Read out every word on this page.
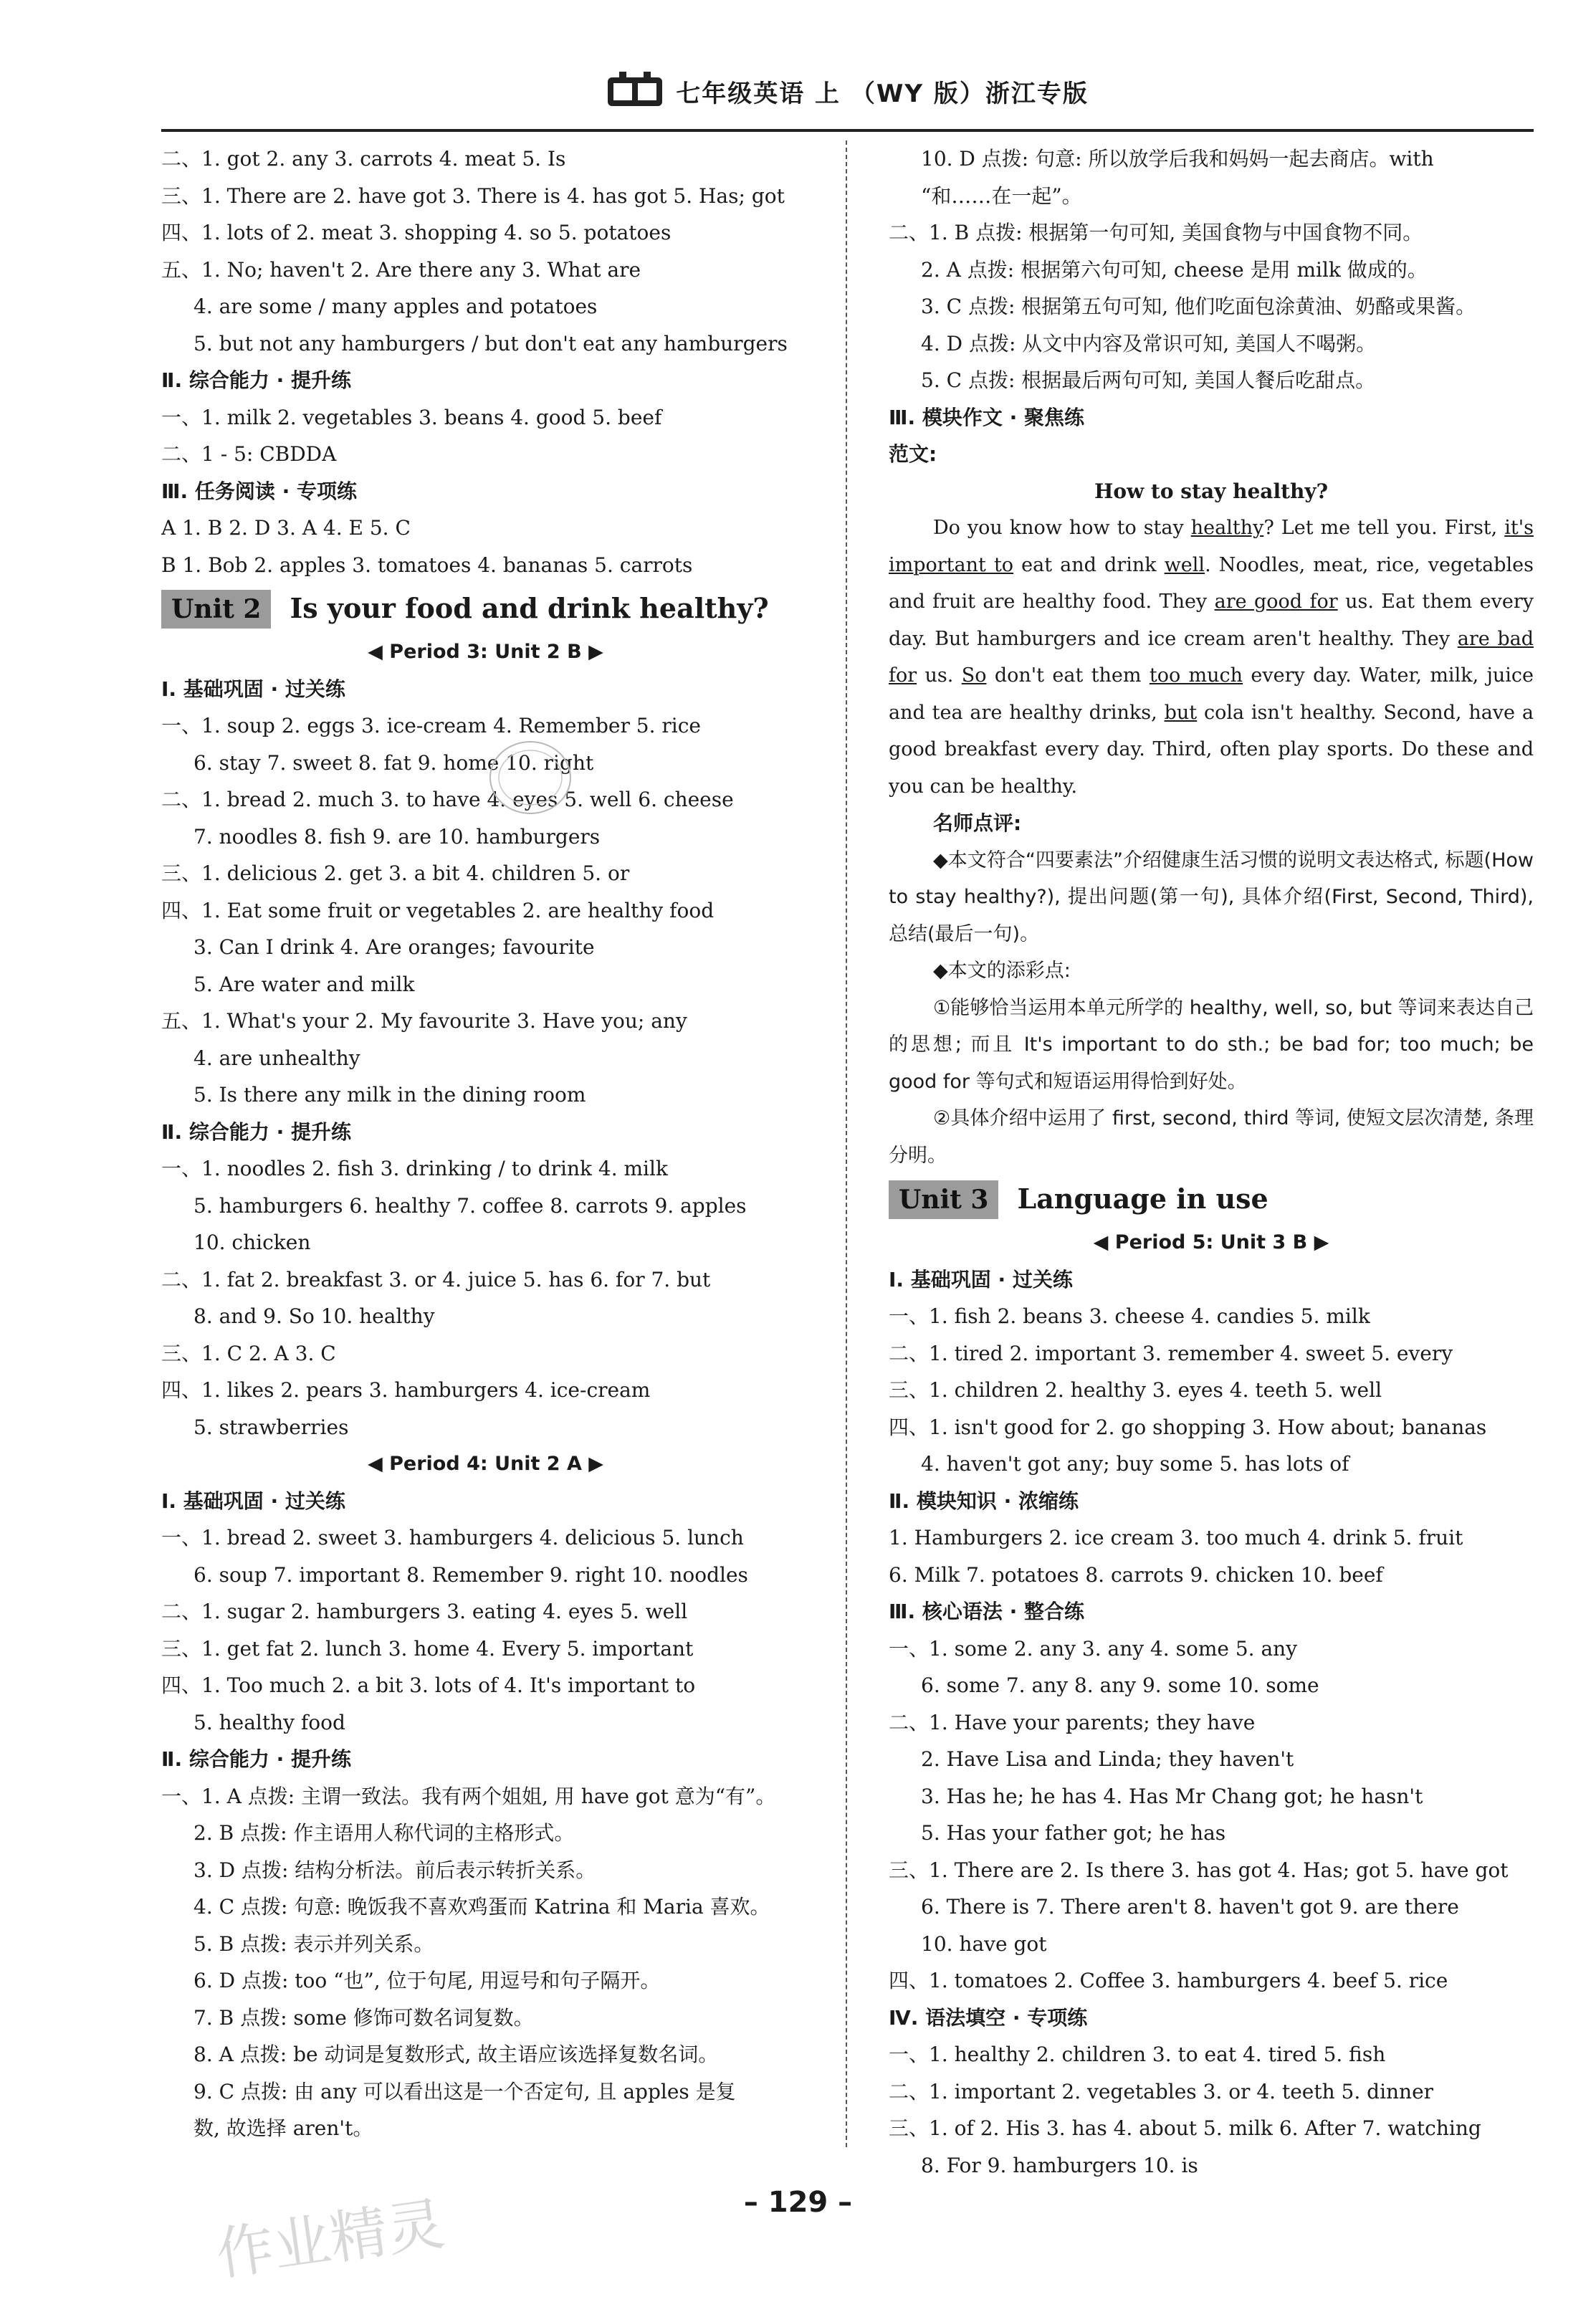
七年级英语 上 （WY 版）浙江专版
二、1. got 2. any 3. carrots 4. meat 5. Is
三、1. There are 2. have got 3. There is 4. has got 5. Has; got
四、1. lots of 2. meat 3. shopping 4. so 5. potatoes
五、1. No; haven't 2. Are there any 3. What are
4. are some / many apples and potatoes
5. but not any hamburgers / but don't eat any hamburgers
Ⅱ. 综合能力 · 提升练
一、1. milk 2. vegetables 3. beans 4. good 5. beef
二、1 - 5: CBDDA
Ⅲ. 任务阅读 · 专项练
A 1. B 2. D 3. A 4. E 5. C
B 1. Bob 2. apples 3. tomatoes 4. bananas 5. carrots
Unit 2 Is your food and drink healthy?
◀ Period 3: Unit 2 B ▶
Ⅰ. 基础巩固 · 过关练
一、1. soup 2. eggs 3. ice-cream 4. Remember 5. rice
6. stay 7. sweet 8. fat 9. home 10. right
二、1. bread 2. much 3. to have 4. eyes 5. well 6. cheese
7. noodles 8. fish 9. are 10. hamburgers
三、1. delicious 2. get 3. a bit 4. children 5. or
四、1. Eat some fruit or vegetables 2. are healthy food
3. Can I drink 4. Are oranges; favourite
5. Are water and milk
五、1. What's your 2. My favourite 3. Have you; any
4. are unhealthy
5. Is there any milk in the dining room
Ⅱ. 综合能力 · 提升练
一、1. noodles 2. fish 3. drinking / to drink 4. milk
5. hamburgers 6. healthy 7. coffee 8. carrots 9. apples
10. chicken
二、1. fat 2. breakfast 3. or 4. juice 5. has 6. for 7. but
8. and 9. So 10. healthy
三、1. C 2. A 3. C
四、1. likes 2. pears 3. hamburgers 4. ice-cream
5. strawberries
◀ Period 4: Unit 2 A ▶
Ⅰ. 基础巩固 · 过关练
一、1. bread 2. sweet 3. hamburgers 4. delicious 5. lunch
6. soup 7. important 8. Remember 9. right 10. noodles
二、1. sugar 2. hamburgers 3. eating 4. eyes 5. well
三、1. get fat 2. lunch 3. home 4. Every 5. important
四、1. Too much 2. a bit 3. lots of 4. It's important to
5. healthy food
Ⅱ. 综合能力 · 提升练
一、1. A 点拨: 主谓一致法。我有两个姐姐, 用 have got 意为“有”。
2. B 点拨: 作主语用人称代词的主格形式。
3. D 点拨: 结构分析法。前后表示转折关系。
4. C 点拨: 句意: 晚饭我不喜欢鸡蛋而 Katrina 和 Maria 喜欢。
5. B 点拨: 表示并列关系。
6. D 点拨: too “也”, 位于句尾, 用逗号和句子隔开。
7. B 点拨: some 修饰可数名词复数。
8. A 点拨: be 动词是复数形式, 故主语应该选择复数名词。
9. C 点拨: 由 any 可以看出这是一个否定句, 且 apples 是复
数, 故选择 aren't。
10. D 点拨: 句意: 所以放学后我和妈妈一起去商店。with
“和……在一起”。
二、1. B 点拨: 根据第一句可知, 美国食物与中国食物不同。
2. A 点拨: 根据第六句可知, cheese 是用 milk 做成的。
3. C 点拨: 根据第五句可知, 他们吃面包涂黄油、奶酪或果酱。
4. D 点拨: 从文中内容及常识可知, 美国人不喝粥。
5. C 点拨: 根据最后两句可知, 美国人餐后吃甜点。
Ⅲ. 模块作文 · 聚焦练
范文:
How to stay healthy?
Do you know how to stay healthy? Let me tell you. First, it's important to eat and drink well. Noodles, meat, rice, vegetables and fruit are healthy food. They are good for us. Eat them every day. But hamburgers and ice cream aren't healthy. They are bad for us. So don't eat them too much every day. Water, milk, juice and tea are healthy drinks, but cola isn't healthy. Second, have a good breakfast every day. Third, often play sports. Do these and you can be healthy.
名师点评:
◆本文符合“四要素法”介绍健康生活习惯的说明文表达格式, 标题(How to stay healthy?), 提出问题(第一句), 具体介绍(First, Second, Third), 总结(最后一句)。
◆本文的添彩点:
①能够恰当运用本单元所学的 healthy, well, so, but 等词来表达自己的思想; 而且 It's important to do sth.; be bad for; too much; be good for 等句式和短语运用得恰到好处。
②具体介绍中运用了 first, second, third 等词, 使短文层次清楚, 条理分明。
Unit 3 Language in use
◀ Period 5: Unit 3 B ▶
Ⅰ. 基础巩固 · 过关练
一、1. fish 2. beans 3. cheese 4. candies 5. milk
二、1. tired 2. important 3. remember 4. sweet 5. every
三、1. children 2. healthy 3. eyes 4. teeth 5. well
四、1. isn't good for 2. go shopping 3. How about; bananas
4. haven't got any; buy some 5. has lots of
Ⅱ. 模块知识 · 浓缩练
1. Hamburgers 2. ice cream 3. too much 4. drink 5. fruit
6. Milk 7. potatoes 8. carrots 9. chicken 10. beef
Ⅲ. 核心语法 · 整合练
一、1. some 2. any 3. any 4. some 5. any
6. some 7. any 8. any 9. some 10. some
二、1. Have your parents; they have
2. Have Lisa and Linda; they haven't
3. Has he; he has 4. Has Mr Chang got; he hasn't
5. Has your father got; he has
三、1. There are 2. Is there 3. has got 4. Has; got 5. have got
6. There is 7. There aren't 8. haven't got 9. are there
10. have got
四、1. tomatoes 2. Coffee 3. hamburgers 4. beef 5. rice
Ⅳ. 语法填空 · 专项练
一、1. healthy 2. children 3. to eat 4. tired 5. fish
二、1. important 2. vegetables 3. or 4. teeth 5. dinner
三、1. of 2. His 3. has 4. about 5. milk 6. After 7. watching
8. For 9. hamburgers 10. is
– 129 –
作业精灵
